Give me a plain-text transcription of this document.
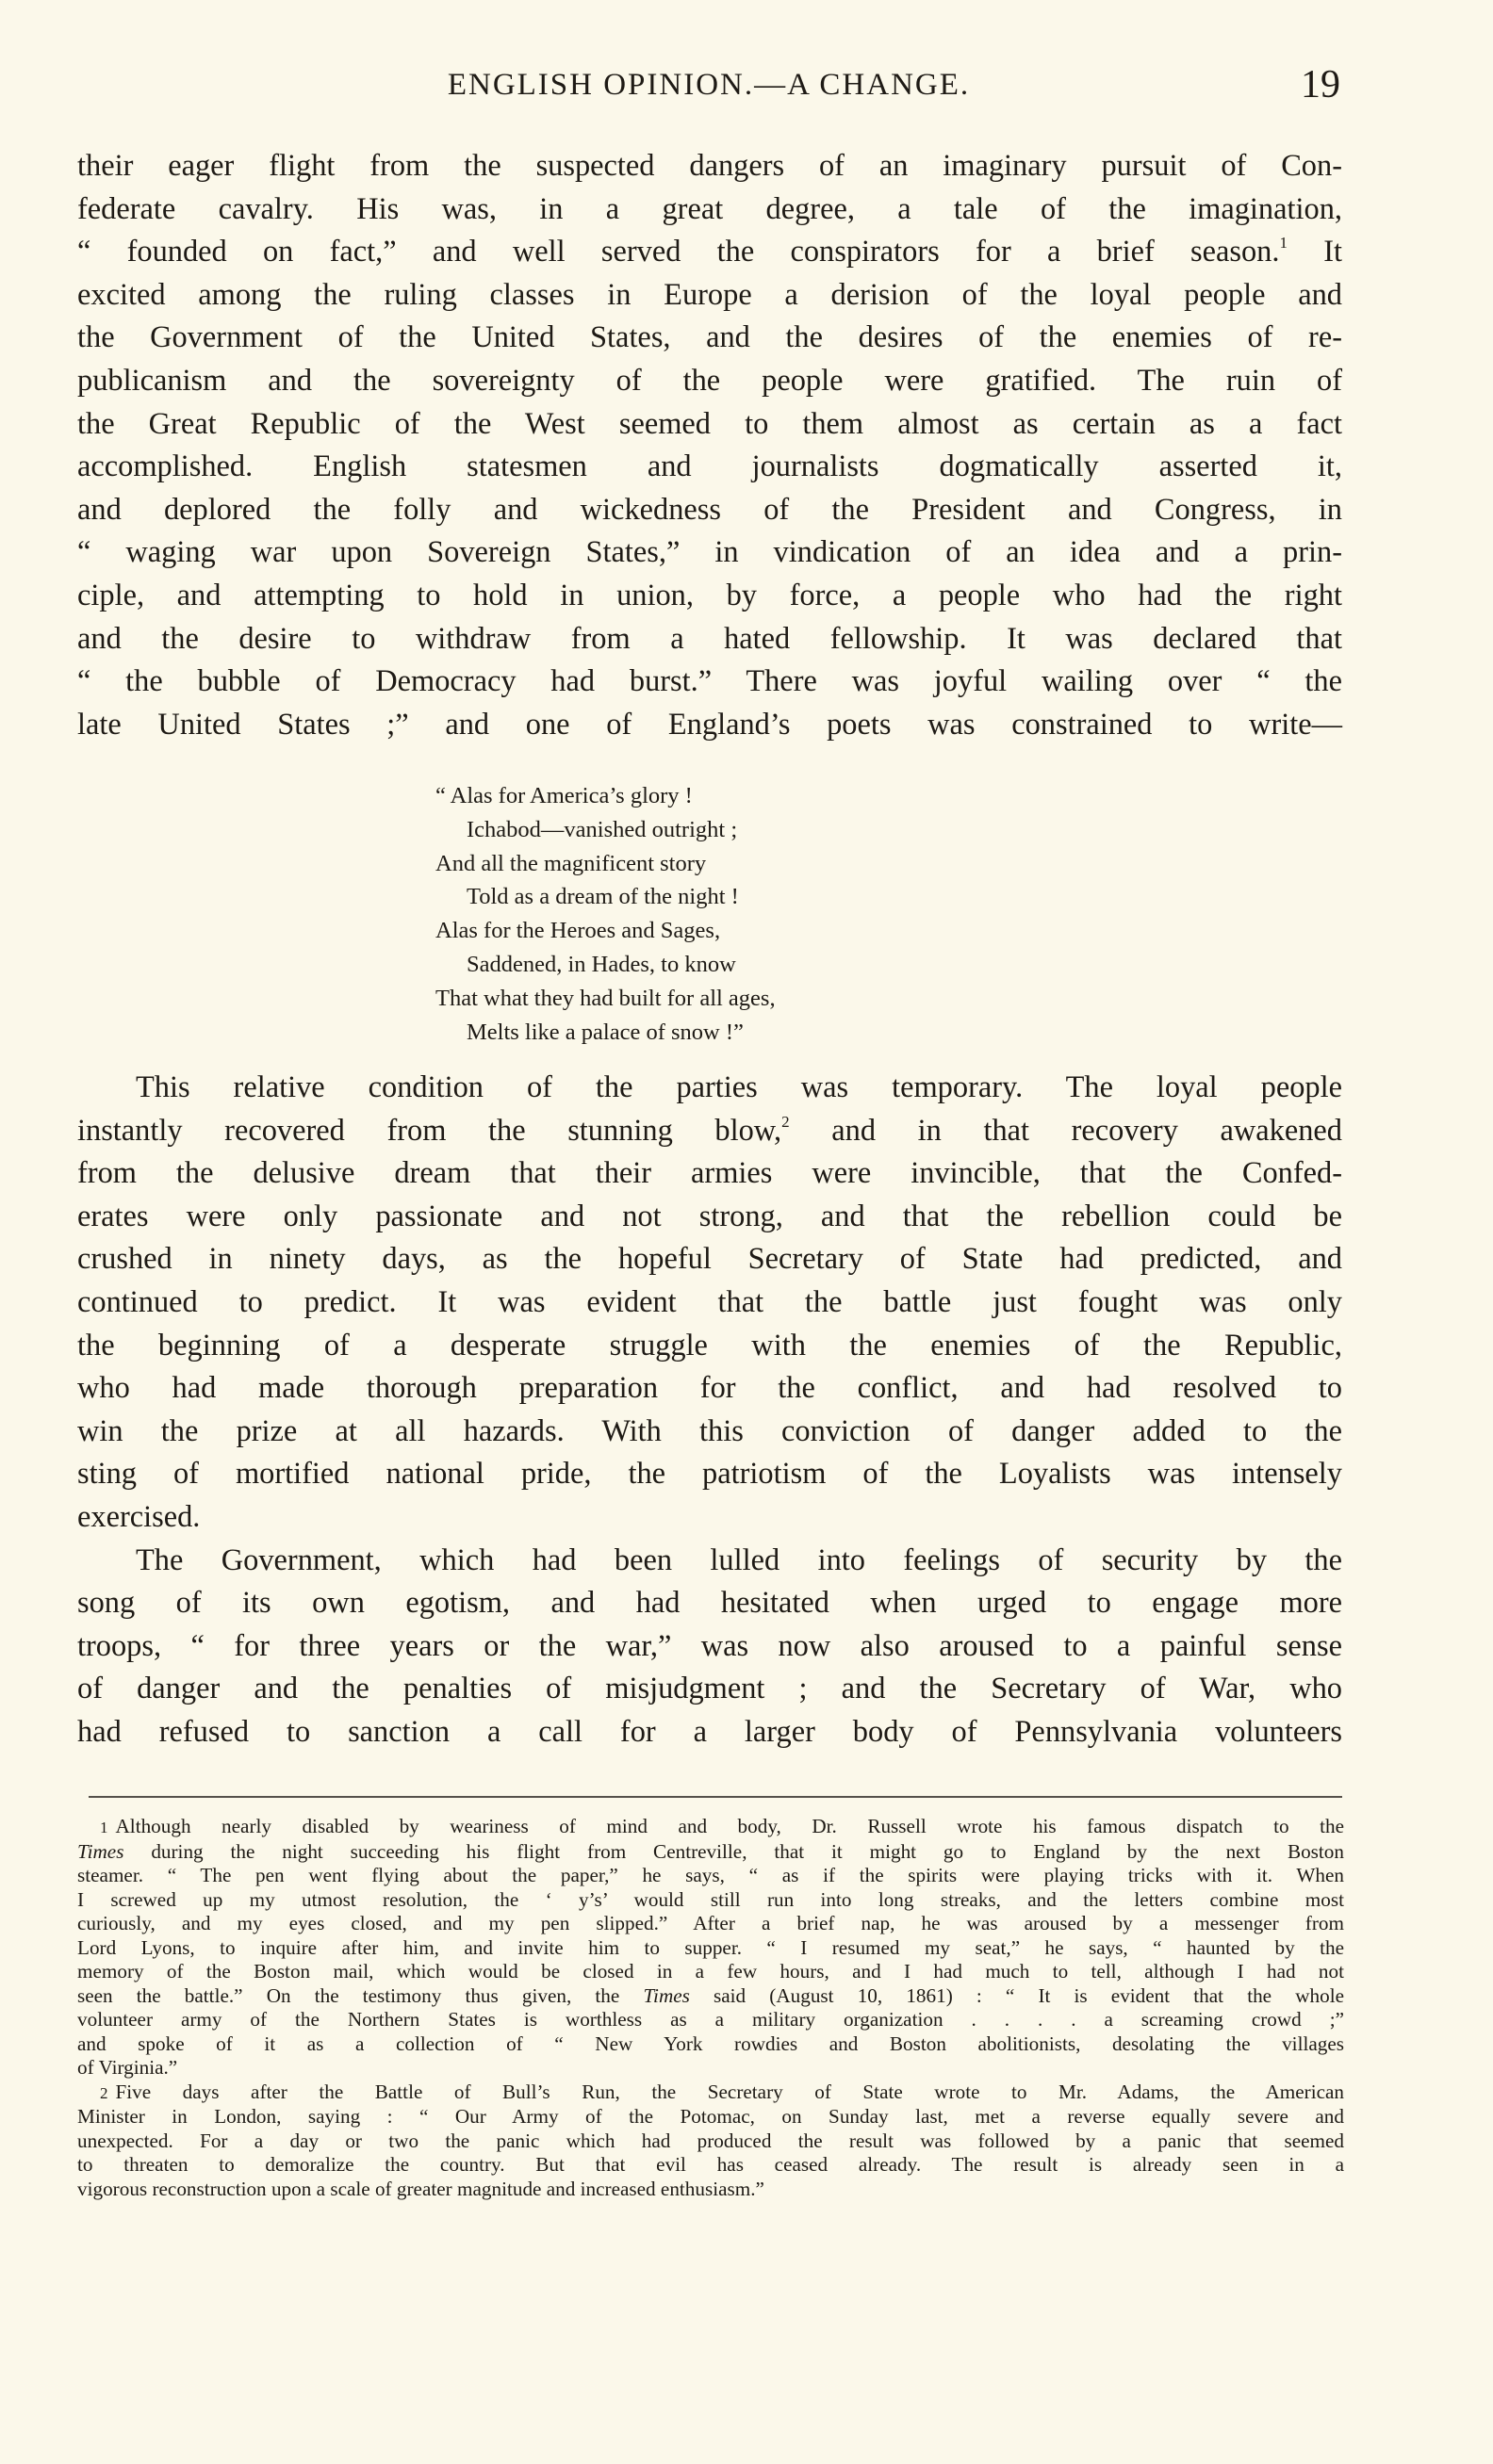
ENGLISH OPINION.—A CHANGE.	19
their eager flight from the suspected dangers of an imaginary pursuit of Con-
federate cavalry. His was, in a great degree, a tale of the imagination,
“ founded on fact,” and well served the conspirators for a brief season.$^1$ It
excited among the ruling classes in Europe a derision of the loyal people and
the Government of the United States, and the desires of the enemies of re-
publicanism and the sovereignty of the people were gratified. The ruin of
the Great Republic of the West seemed to them almost as certain as a fact
accomplished. English statesmen and journalists dogmatically asserted it,
and deplored the folly and wickedness of the President and Congress, in
“ waging war upon Sovereign States,” in vindication of an idea and a prin-
ciple, and attempting to hold in union, by force, a people who had the right
and the desire to withdraw from a hated fellowship. It was declared that
“ the bubble of Democracy had burst.” There was joyful wailing over “ the
late United States ;” and one of England’s poets was constrained to write—
“ Alas for America’s glory !
Ichabod—vanished outright ;
And all the magnificent story
Told as a dream of the night !
Alas for the Heroes and Sages,
Saddened, in Hades, to know
That what they had built for all ages,
Melts like a palace of snow !”
This relative condition of the parties was temporary. The loyal people
instantly recovered from the stunning blow,$^2$ and in that recovery awakened
from the delusive dream that their armies were invincible, that the Confed-
erates were only passionate and not strong, and that the rebellion could be
crushed in ninety days, as the hopeful Secretary of State had predicted, and
continued to predict. It was evident that the battle just fought was only
the beginning of a desperate struggle with the enemies of the Republic,
who had made thorough preparation for the conflict, and had resolved to
win the prize at all hazards. With this conviction of danger added to the
sting of mortified national pride, the patriotism of the Loyalists was intensely
exercised.
The Government, which had been lulled into feelings of security by the
song of its own egotism, and had hesitated when urged to engage more
troops, “ for three years or the war,” was now also aroused to a painful sense
of danger and the penalties of misjudgment ; and the Secretary of War, who
had refused to sanction a call for a larger body of Pennsylvania volunteers
1 Although nearly disabled by weariness of mind and body, Dr. Russell wrote his famous dispatch to the
Times during the night succeeding his flight from Centreville, that it might go to England by the next Boston
steamer. “ The pen went flying about the paper,” he says, “ as if the spirits were playing tricks with it. When
I screwed up my utmost resolution, the ‘ y’s’ would still run into long streaks, and the letters combine most
curiously, and my eyes closed, and my pen slipped.” After a brief nap, he was aroused by a messenger from
Lord Lyons, to inquire after him, and invite him to supper. “ I resumed my seat,” he says, “ haunted by the
memory of the Boston mail, which would be closed in a few hours, and I had much to tell, although I had not
seen the battle.” On the testimony thus given, the Times said (August 10, 1861) : “ It is evident that the whole
volunteer army of the Northern States is worthless as a military organization . . . . a screaming crowd ;”
and spoke of it as a collection of “ New York rowdies and Boston abolitionists, desolating the villages
of Virginia.”
2 Five days after the Battle of Bull’s Run, the Secretary of State wrote to Mr. Adams, the American
Minister in London, saying : “ Our Army of the Potomac, on Sunday last, met a reverse equally severe and
unexpected. For a day or two the panic which had produced the result was followed by a panic that seemed
to threaten to demoralize the country. But that evil has ceased already. The result is already seen in a
vigorous reconstruction upon a scale of greater magnitude and increased enthusiasm.”
